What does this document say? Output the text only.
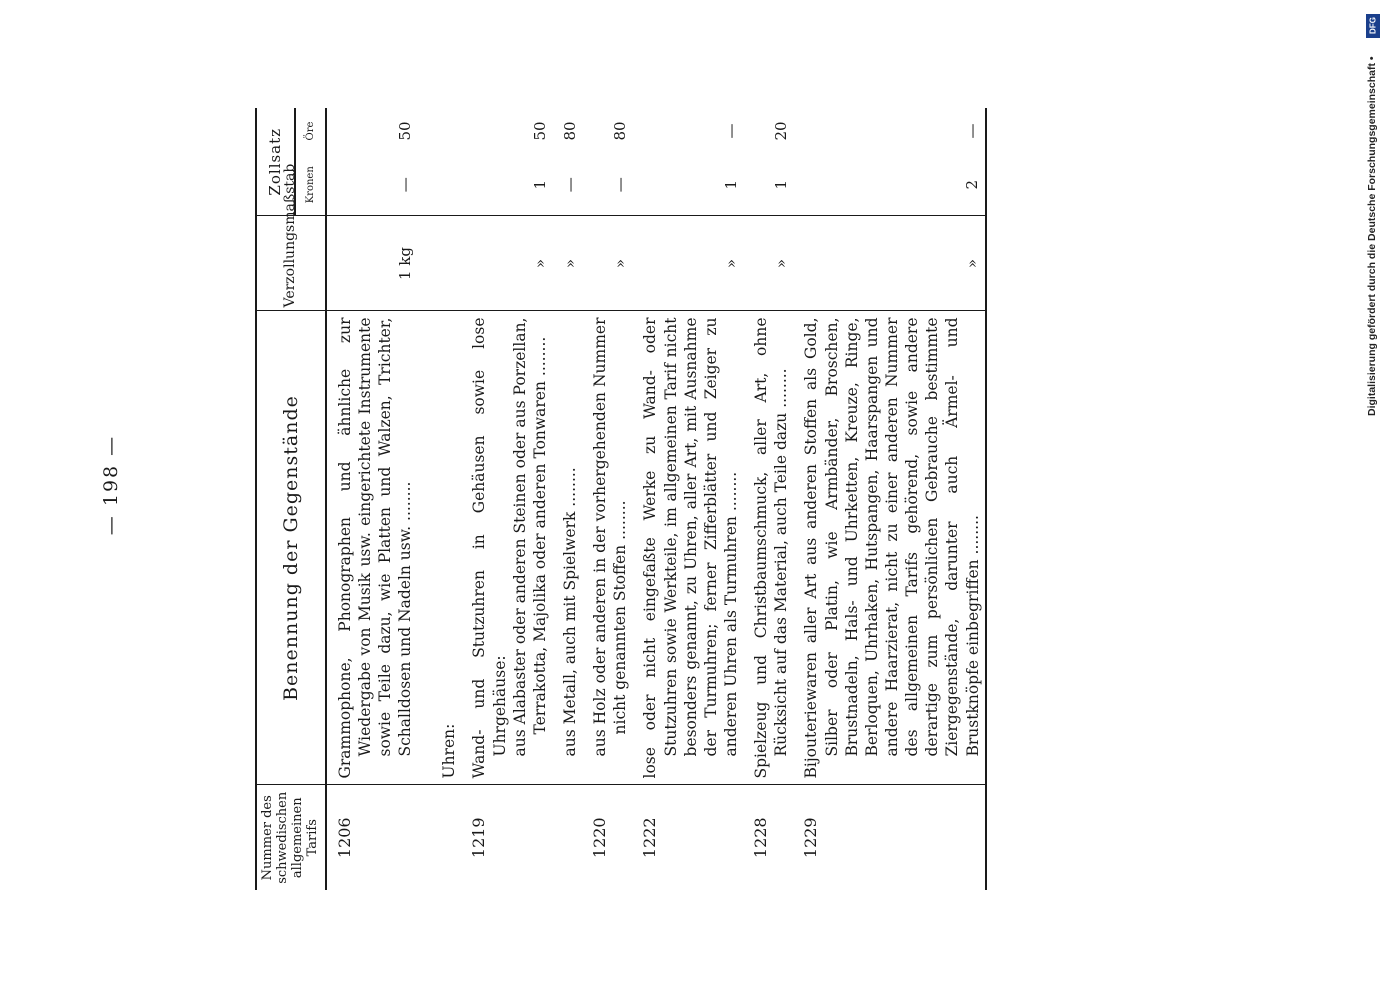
— 198 —
Nummer des schwedischen allgemeinen Tarifs	Benennung der Gegenstände	Verzollungsmaßstab	Zollsatz	
			Kronen	Öre
1206	Grammophone, Phonographen und ähnliche zur Wiedergabe von Musik usw. eingerichtete Instrumente sowie Teile dazu, wie Platten und Walzen, Trichter, Schalldosen und Nadeln usw. ........	1 kg	—	50

	Uhren:			

1219	Wand- und Stutzuhren in Gehäusen sowie lose Uhrgehäuse: aus Alabaster oder anderen Steinen oder aus Porzellan, Terrakotta, Majolika oder anderen Tonwaren ........	»	1	50

	aus Metall, auch mit Spielwerk ........	»	—	80
1220	aus Holz oder anderen in der vorhergehenden Nummer nicht genannten Stoffen ........	»	—	80
1222	lose oder nicht eingefaßte Werke zu Wand- oder Stutzuhren sowie Werkteile, im allgemeinen Tarif nicht besonders genannt, zu Uhren, aller Art, mit Ausnahme der Turmuhren; ferner Zifferblätter und Zeiger zu anderen Uhren als Turmuhren ........	»	1	—
1228	Spielzeug und Christbaumschmuck, aller Art, ohne Rücksicht auf das Material, auch Teile dazu ........	»	1	20
1229	Bijouteriewaren aller Art aus anderen Stoffen als Gold, Silber oder Platin, wie Armbänder, Broschen, Brustnadeln, Hals- und Uhrketten, Kreuze, Ringe, Berloquen, Uhrhaken, Hutspangen, Haarspangen und andere Haarzierat, nicht zu einer anderen Nummer des allgemeinen Tarifs gehörend, sowie andere derartige zum persönlichen Gebrauche bestimmte Ziergegenstände, darunter auch Ärmel- und Brustknöpfe einbegriffen ........	»	2	—
DFG
Digitalisierung gefördert durch die Deutsche Forschungsgemeinschaft •
